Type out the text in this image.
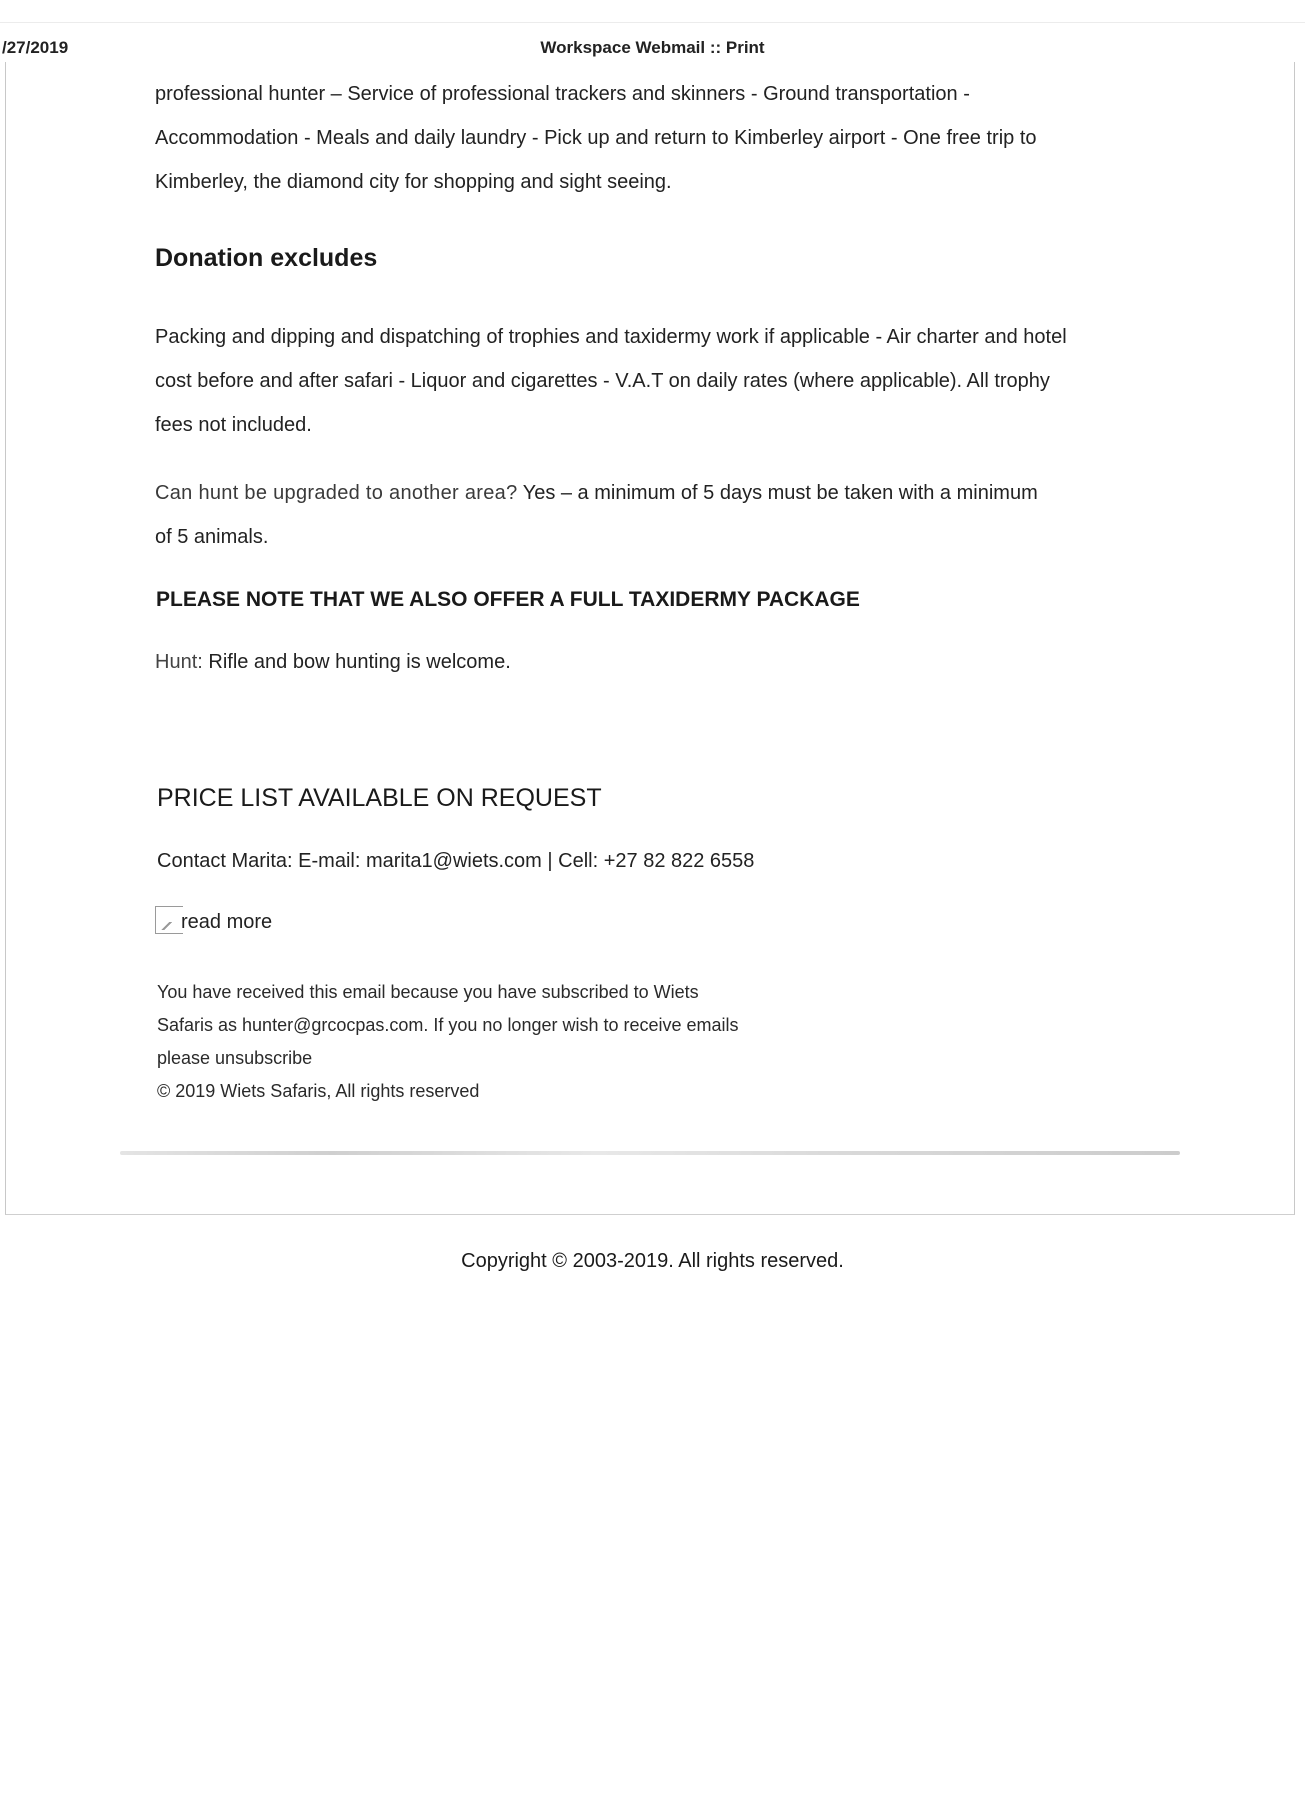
/27/2019	Workspace Webmail :: Print

professional hunter – Service of professional trackers and skinners - Ground transportation -

Accommodation - Meals and daily laundry - Pick up and return to Kimberley airport - One free trip to

Kimberley, the diamond city for shopping and sight seeing.

Donation excludes

Packing and dipping and dispatching of trophies and taxidermy work if applicable - Air charter and hotel

cost before and after safari - Liquor and cigarettes - V.A.T on daily rates (where applicable). All trophy

fees not included.

Can hunt be upgraded to another area? Yes – a minimum of 5 days must be taken with a minimum

of 5 animals.

PLEASE NOTE THAT WE ALSO OFFER A FULL TAXIDERMY PACKAGE

Hunt: Rifle and bow hunting is welcome.

PRICE LIST AVAILABLE ON REQUEST

Contact Marita: E-mail: marita1@wiets.com | Cell: +27 82 822 6558

read more

You have received this email because you have subscribed to Wiets
Safaris as hunter@grcocpas.com. If you no longer wish to receive emails
please unsubscribe
© 2019 Wiets Safaris, All rights reserved

Copyright © 2003-2019. All rights reserved.
